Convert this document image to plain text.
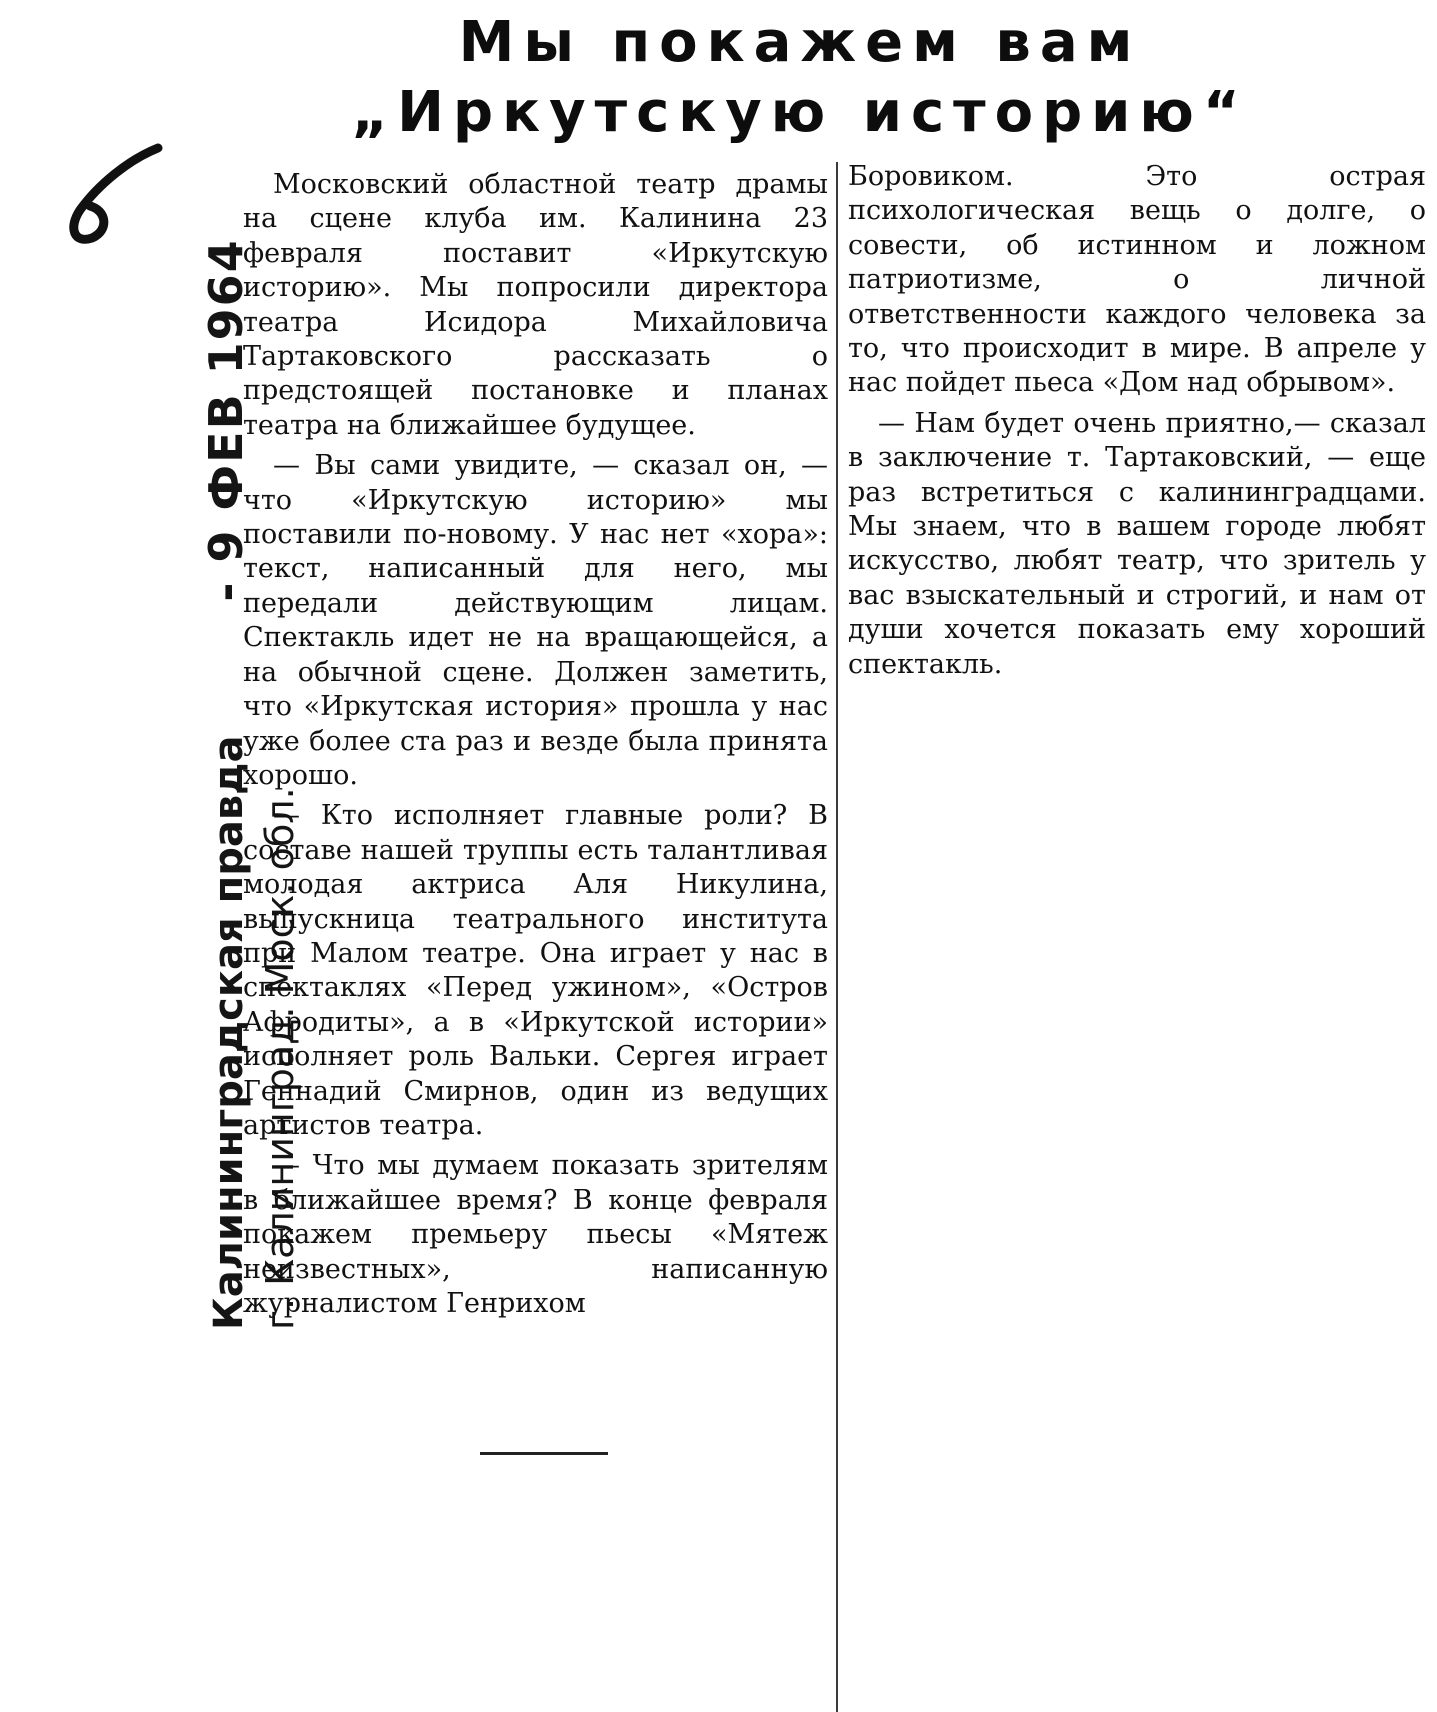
Мы покажем вам
„Иркутскую историю“
Калининградская правда - 9 ФЕВ 1964
г. Калининград. Моск. обл.

Московский областной театр драмы на сцене клуба им. Калинина 23 февраля поставит «Иркутскую историю». Мы попросили директора театра Исидора Михайловича Тартаковского рассказать о предстоящей постановке и планах театра на ближайшее будущее.

— Вы сами увидите, — сказал он, — что «Иркутскую историю» мы поставили по-новому. У нас нет «хора»: текст, написанный для него, мы передали действующим лицам. Спектакль идет не на вращающейся, а на обычной сцене. Должен заметить, что «Иркутская история» прошла у нас уже более ста раз и везде была принята хорошо.

— Кто исполняет главные роли? В составе нашей труппы есть талантливая молодая актриса Аля Никулина, выпускница театрального института при Малом театре. Она играет у нас в спектаклях «Перед ужином», «Остров Афродиты», а в «Иркутской истории» исполняет роль Вальки. Сергея играет Геннадий Смирнов, один из ведущих артистов театра.

— Что мы думаем показать зрителям в ближайшее время? В конце февраля покажем премьеру пьесы «Мятеж неизвестных», написанную журналистом Генрихом

Боровиком. Это острая психологическая вещь о долге, о совести, об истинном и ложном патриотизме, о личной ответственности каждого человека за то, что происходит в мире. В апреле у нас пойдет пьеса «Дом над обрывом».

— Нам будет очень приятно,— сказал в заключение т. Тартаковский, — еще раз встретиться с калининградцами. Мы знаем, что в вашем городе любят искусство, любят театр, что зритель у вас взыскательный и строгий, и нам от души хочется показать ему хороший спектакль.
